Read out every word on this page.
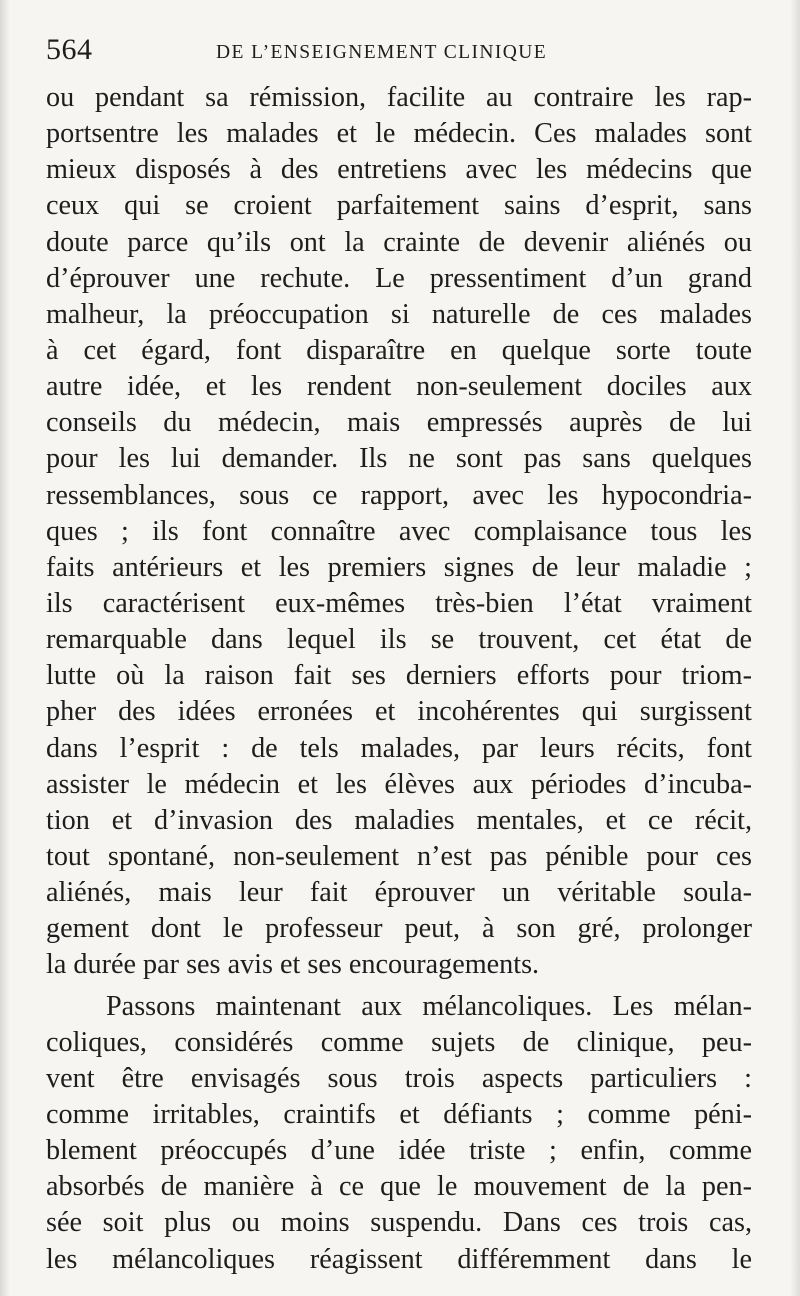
564	DE L’ENSEIGNEMENT CLINIQUE
ou pendant sa rémission, facilite au contraire les rap-
portsentre les malades et le médecin. Ces malades sont
mieux disposés à des entretiens avec les médecins que
ceux qui se croient parfaitement sains d’esprit, sans
doute parce qu’ils ont la crainte de devenir aliénés ou
d’éprouver une rechute. Le pressentiment d’un grand
malheur, la préoccupation si naturelle de ces malades
à cet égard, font disparaître en quelque sorte toute
autre idée, et les rendent non-seulement dociles aux
conseils du médecin, mais empressés auprès de lui
pour les lui demander. Ils ne sont pas sans quelques
ressemblances, sous ce rapport, avec les hypocondria-
ques ; ils font connaître avec complaisance tous les
faits antérieurs et les premiers signes de leur maladie ;
ils caractérisent eux-mêmes très-bien l’état vraiment
remarquable dans lequel ils se trouvent, cet état de
lutte où la raison fait ses derniers efforts pour triom-
pher des idées erronées et incohérentes qui surgissent
dans l’esprit : de tels malades, par leurs récits, font
assister le médecin et les élèves aux périodes d’incuba-
tion et d’invasion des maladies mentales, et ce récit,
tout spontané, non-seulement n’est pas pénible pour ces
aliénés, mais leur fait éprouver un véritable soula-
gement dont le professeur peut, à son gré, prolonger
la durée par ses avis et ses encouragements.
Passons maintenant aux mélancoliques. Les mélan-
coliques, considérés comme sujets de clinique, peu-
vent être envisagés sous trois aspects particuliers :
comme irritables, craintifs et défiants ; comme péni-
blement préoccupés d’une idée triste ; enfin, comme
absorbés de manière à ce que le mouvement de la pen-
sée soit plus ou moins suspendu. Dans ces trois cas,
les mélancoliques réagissent différemment dans le
